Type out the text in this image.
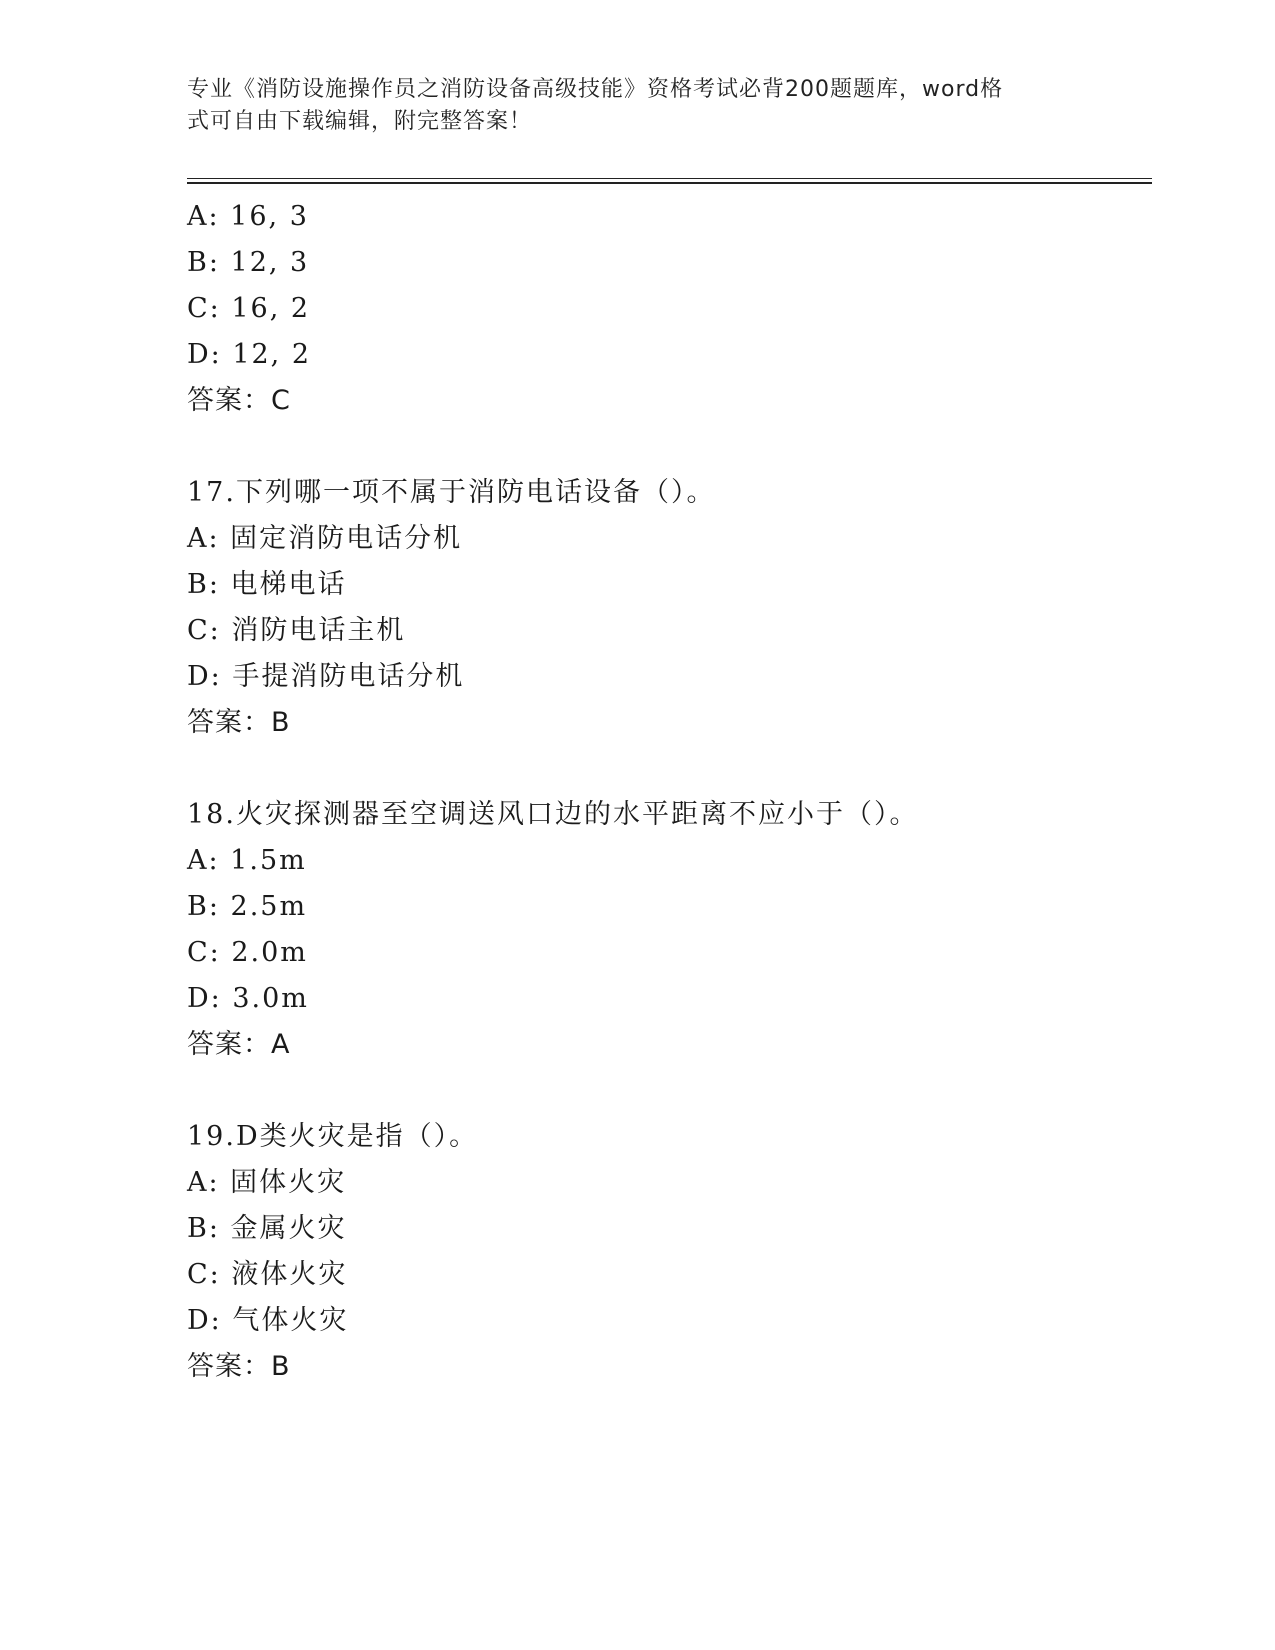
专业《消防设施操作员之消防设备高级技能》资格考试必背200题题库，word格
式可自由下载编辑，附完整答案！
A: 16, 3
B: 12, 3
C: 16, 2
D: 12, 2
答案：C
17.下列哪一项不属于消防电话设备（）。
A: 固定消防电话分机
B: 电梯电话
C: 消防电话主机
D: 手提消防电话分机
答案：B
18.火灾探测器至空调送风口边的水平距离不应小于（）。
A: 1.5m
B: 2.5m
C: 2.0m
D: 3.0m
答案：A
19.D类火灾是指（）。
A: 固体火灾
B: 金属火灾
C: 液体火灾
D: 气体火灾
答案：B
